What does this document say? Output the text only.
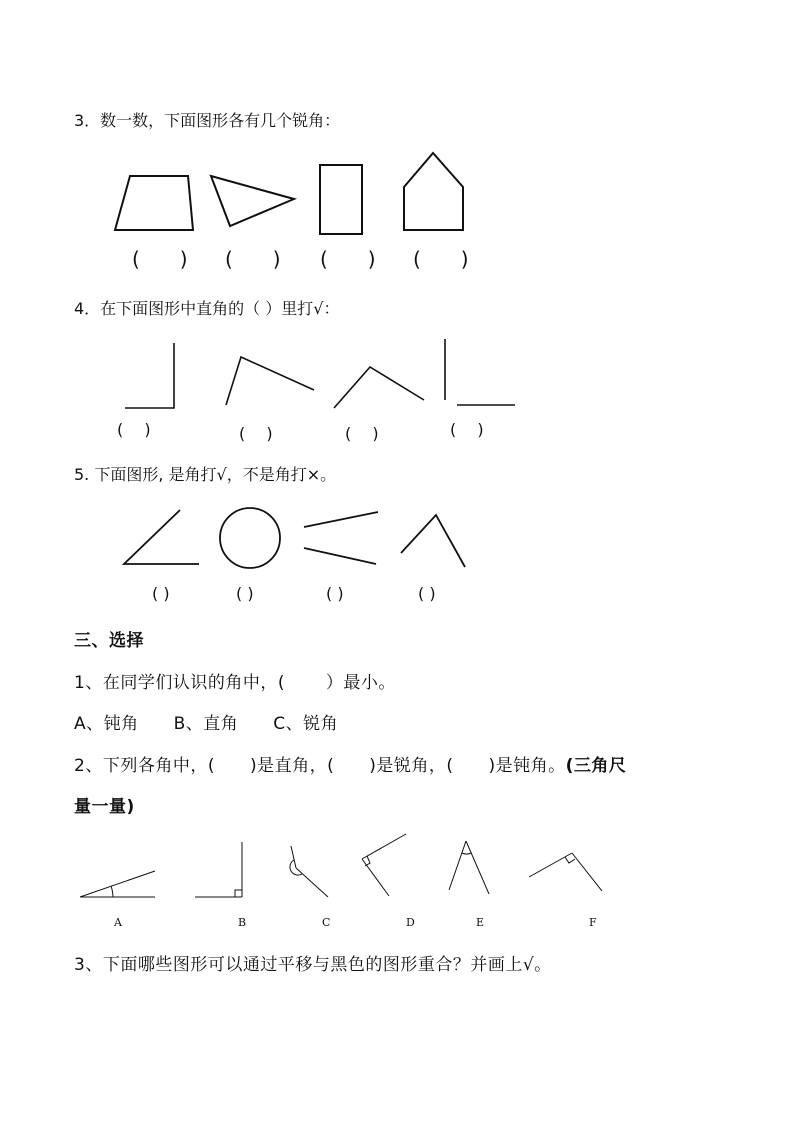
3．数一数，下面图形各有几个锐角：
(　　) (　　) (　　) (　　)
4．在下面图形中直角的（ ）里打√：
(　 )	(　 )	(　 )	(　 )
5. 下面图形, 是角打√，不是角打×。
( )	( )	( )	( )
三、选择
1、在同学们认识的角中，(　　 ）最小。
A、钝角　　B、直角　　C、锐角
2、下列各角中，(　　)是直角，(　　)是锐角，(　　)是钝角。(三角尺
量一量)
A	B	C	D	E	F
3、下面哪些图形可以通过平移与黑色的图形重合？并画上√。
